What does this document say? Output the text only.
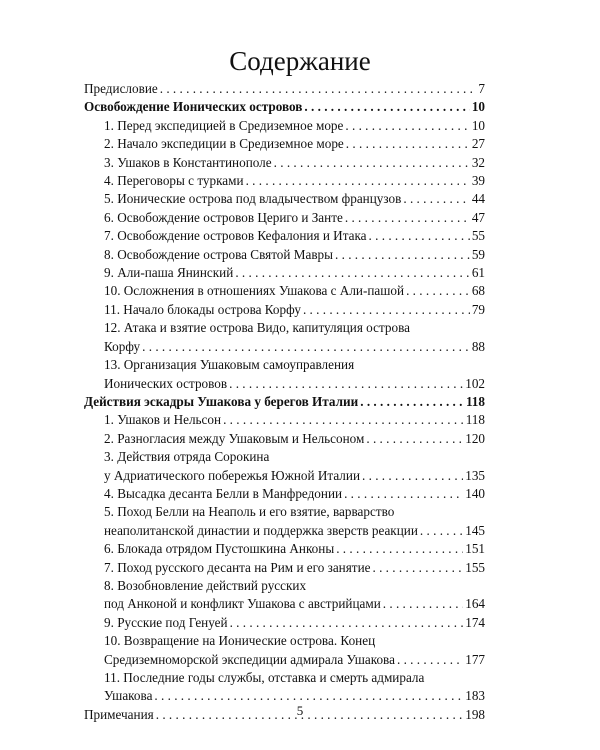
Содержание
Предисловие . . .	7
Освобождение Ионических островов . . .	10
1. Перед экспедицией в Средиземное море . . .	10
2. Начало экспедиции в Средиземное море . . .	27
3. Ушаков в Константинополе . . .	32
4. Переговоры с турками . . .	39
5. Ионические острова под владычеством французов . . .	44
6. Освобождение островов Цериго и Занте . . .	47
7. Освобождение островов Кефалония и Итака . . .	55
8. Освобождение острова Святой Мавры . . .	59
9. Али-паша Янинский . . .	61
10. Осложнения в отношениях Ушакова с Али-пашой . . .	68
11. Начало блокады острова Корфу . . .	79
12. Атака и взятие острова Видо, капитуляция острова
Корфу . . .	88
13. Организация Ушаковым самоуправления
Ионических островов . . .	102
Действия эскадры Ушакова у берегов Италии . . .	118
1. Ушаков и Нельсон . . .	118
2. Разногласия между Ушаковым и Нельсоном . . .	120
3. Действия отряда Сорокина
у Адриатического побережья Южной Италии . . .	135
4. Высадка десанта Белли в Манфредонии . . .	140
5. Поход Белли на Неаполь и его взятие, варварство
неаполитанской династии и поддержка зверств реакции . . .	145
6. Блокада отрядом Пустошкина Анконы . . .	151
7. Поход русского десанта на Рим и его занятие . . .	155
8. Возобновление действий русских
под Анконой и конфликт Ушакова с австрийцами . . .	164
9. Русские под Генуей . . .	174
10. Возвращение на Ионические острова. Конец
Средиземноморской экспедиции адмирала Ушакова . . .	177
11. Последние годы службы, отставка и смерть адмирала
Ушакова . . .	183
Примечания . . .	198
5
